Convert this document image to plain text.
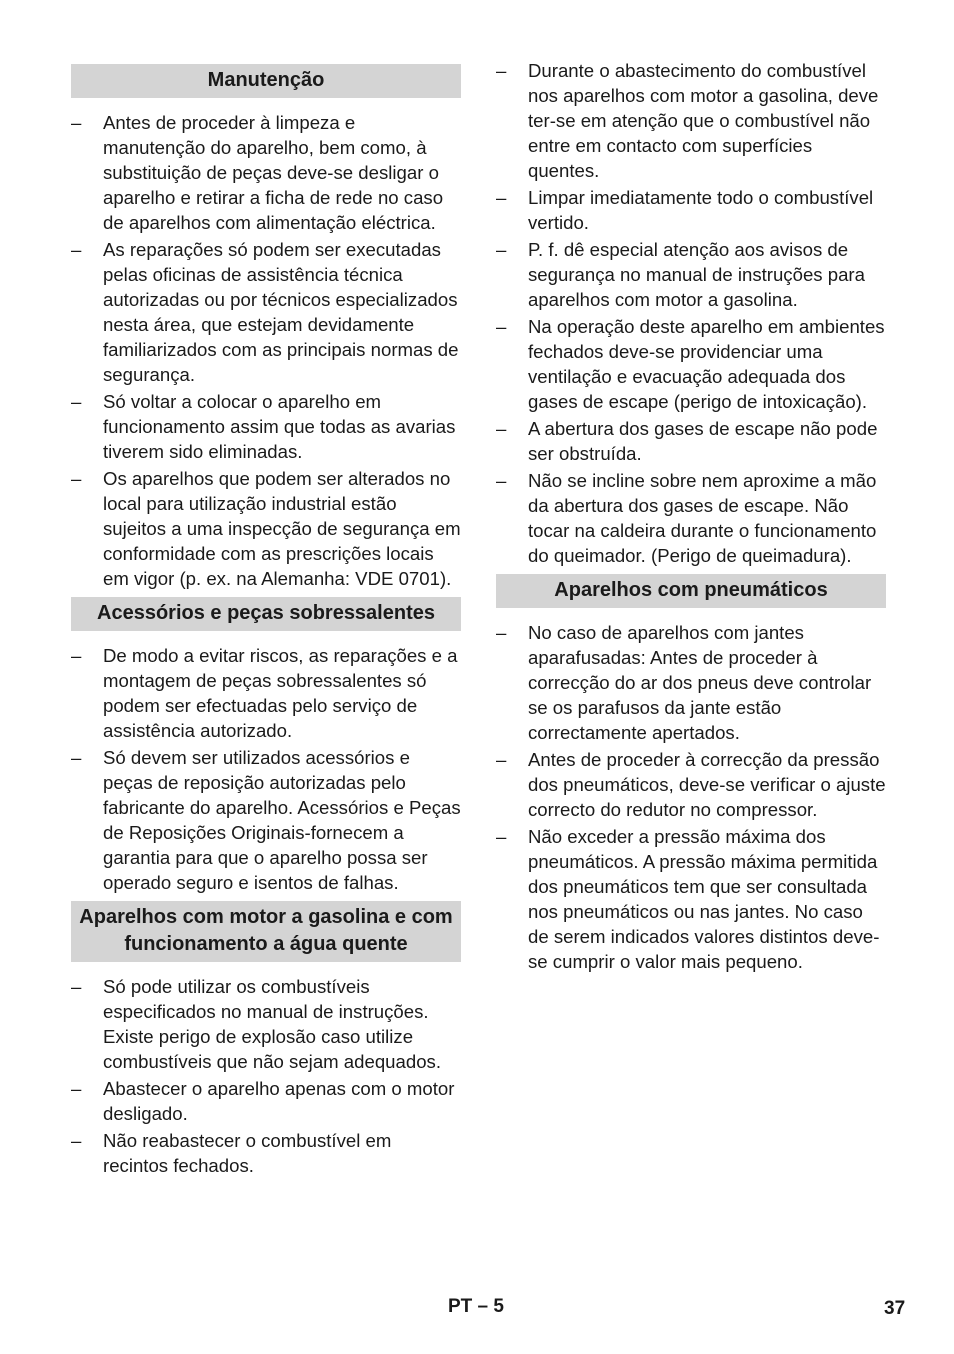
Manutenção
–	Antes de proceder à limpeza e manutenção do aparelho, bem como, à substituição de peças deve-se desligar o aparelho e retirar a ficha de rede no caso de aparelhos com alimentação eléctrica.
–	As reparações só podem ser executadas pelas oficinas de assistência técnica autorizadas ou por técnicos especializados nesta área, que estejam devidamente familiarizados com as principais normas de segurança.
–	Só voltar a colocar o aparelho em funcionamento assim que todas as avarias tiverem sido eliminadas.
–	Os aparelhos que podem ser alterados no local para utilização industrial estão sujeitos a uma inspecção de segurança em conformidade com as prescrições locais em vigor (p. ex. na Alemanha: VDE 0701).
Acessórios e peças sobressalentes
–	De modo a evitar riscos, as reparações e a montagem de peças sobressalentes só podem ser efectuadas pelo serviço de assistência autorizado.
–	Só devem ser utilizados acessórios e peças de reposição autorizadas pelo fabricante do aparelho. Acessórios e Peças de Reposições Originais-fornecem a garantia para que o aparelho possa ser operado seguro e isentos de falhas.
Aparelhos com motor a gasolina e com funcionamento a água quente
–	Só pode utilizar os combustíveis especificados no manual de instruções. Existe perigo de explosão caso utilize combustíveis que não sejam adequados.
–	Abastecer o aparelho apenas com o motor desligado.
–	Não reabastecer o combustível em recintos fechados.
–	Durante o abastecimento do combustível nos aparelhos com motor a gasolina, deve ter-se em atenção que o combustível não entre em contacto com superfícies quentes.
–	Limpar imediatamente todo o combustível vertido.
–	P. f. dê especial atenção aos avisos de segurança no manual de instruções para aparelhos com motor a gasolina.
–	Na operação deste aparelho em ambientes fechados deve-se providenciar uma ventilação e evacuação adequada dos gases de escape (perigo de intoxicação).
–	A abertura dos gases de escape não pode ser obstruída.
–	Não se incline sobre nem aproxime a mão da abertura dos gases de escape. Não tocar na caldeira durante o funcionamento do queimador. (Perigo de queimadura).
Aparelhos com pneumáticos
–	No caso de aparelhos com jantes aparafusadas: Antes de proceder à correcção do ar dos pneus deve controlar se os parafusos da jante estão correctamente apertados.
–	Antes de proceder à correcção da pressão dos pneumáticos, deve-se verificar o ajuste correcto do redutor no compressor.
–	Não exceder a pressão máxima dos pneumáticos. A pressão máxima permitida dos pneumáticos tem que ser consultada nos pneumáticos ou nas jantes. No caso de serem indicados valores distintos deve-se cumprir o valor mais pequeno.
PT – 5	37
